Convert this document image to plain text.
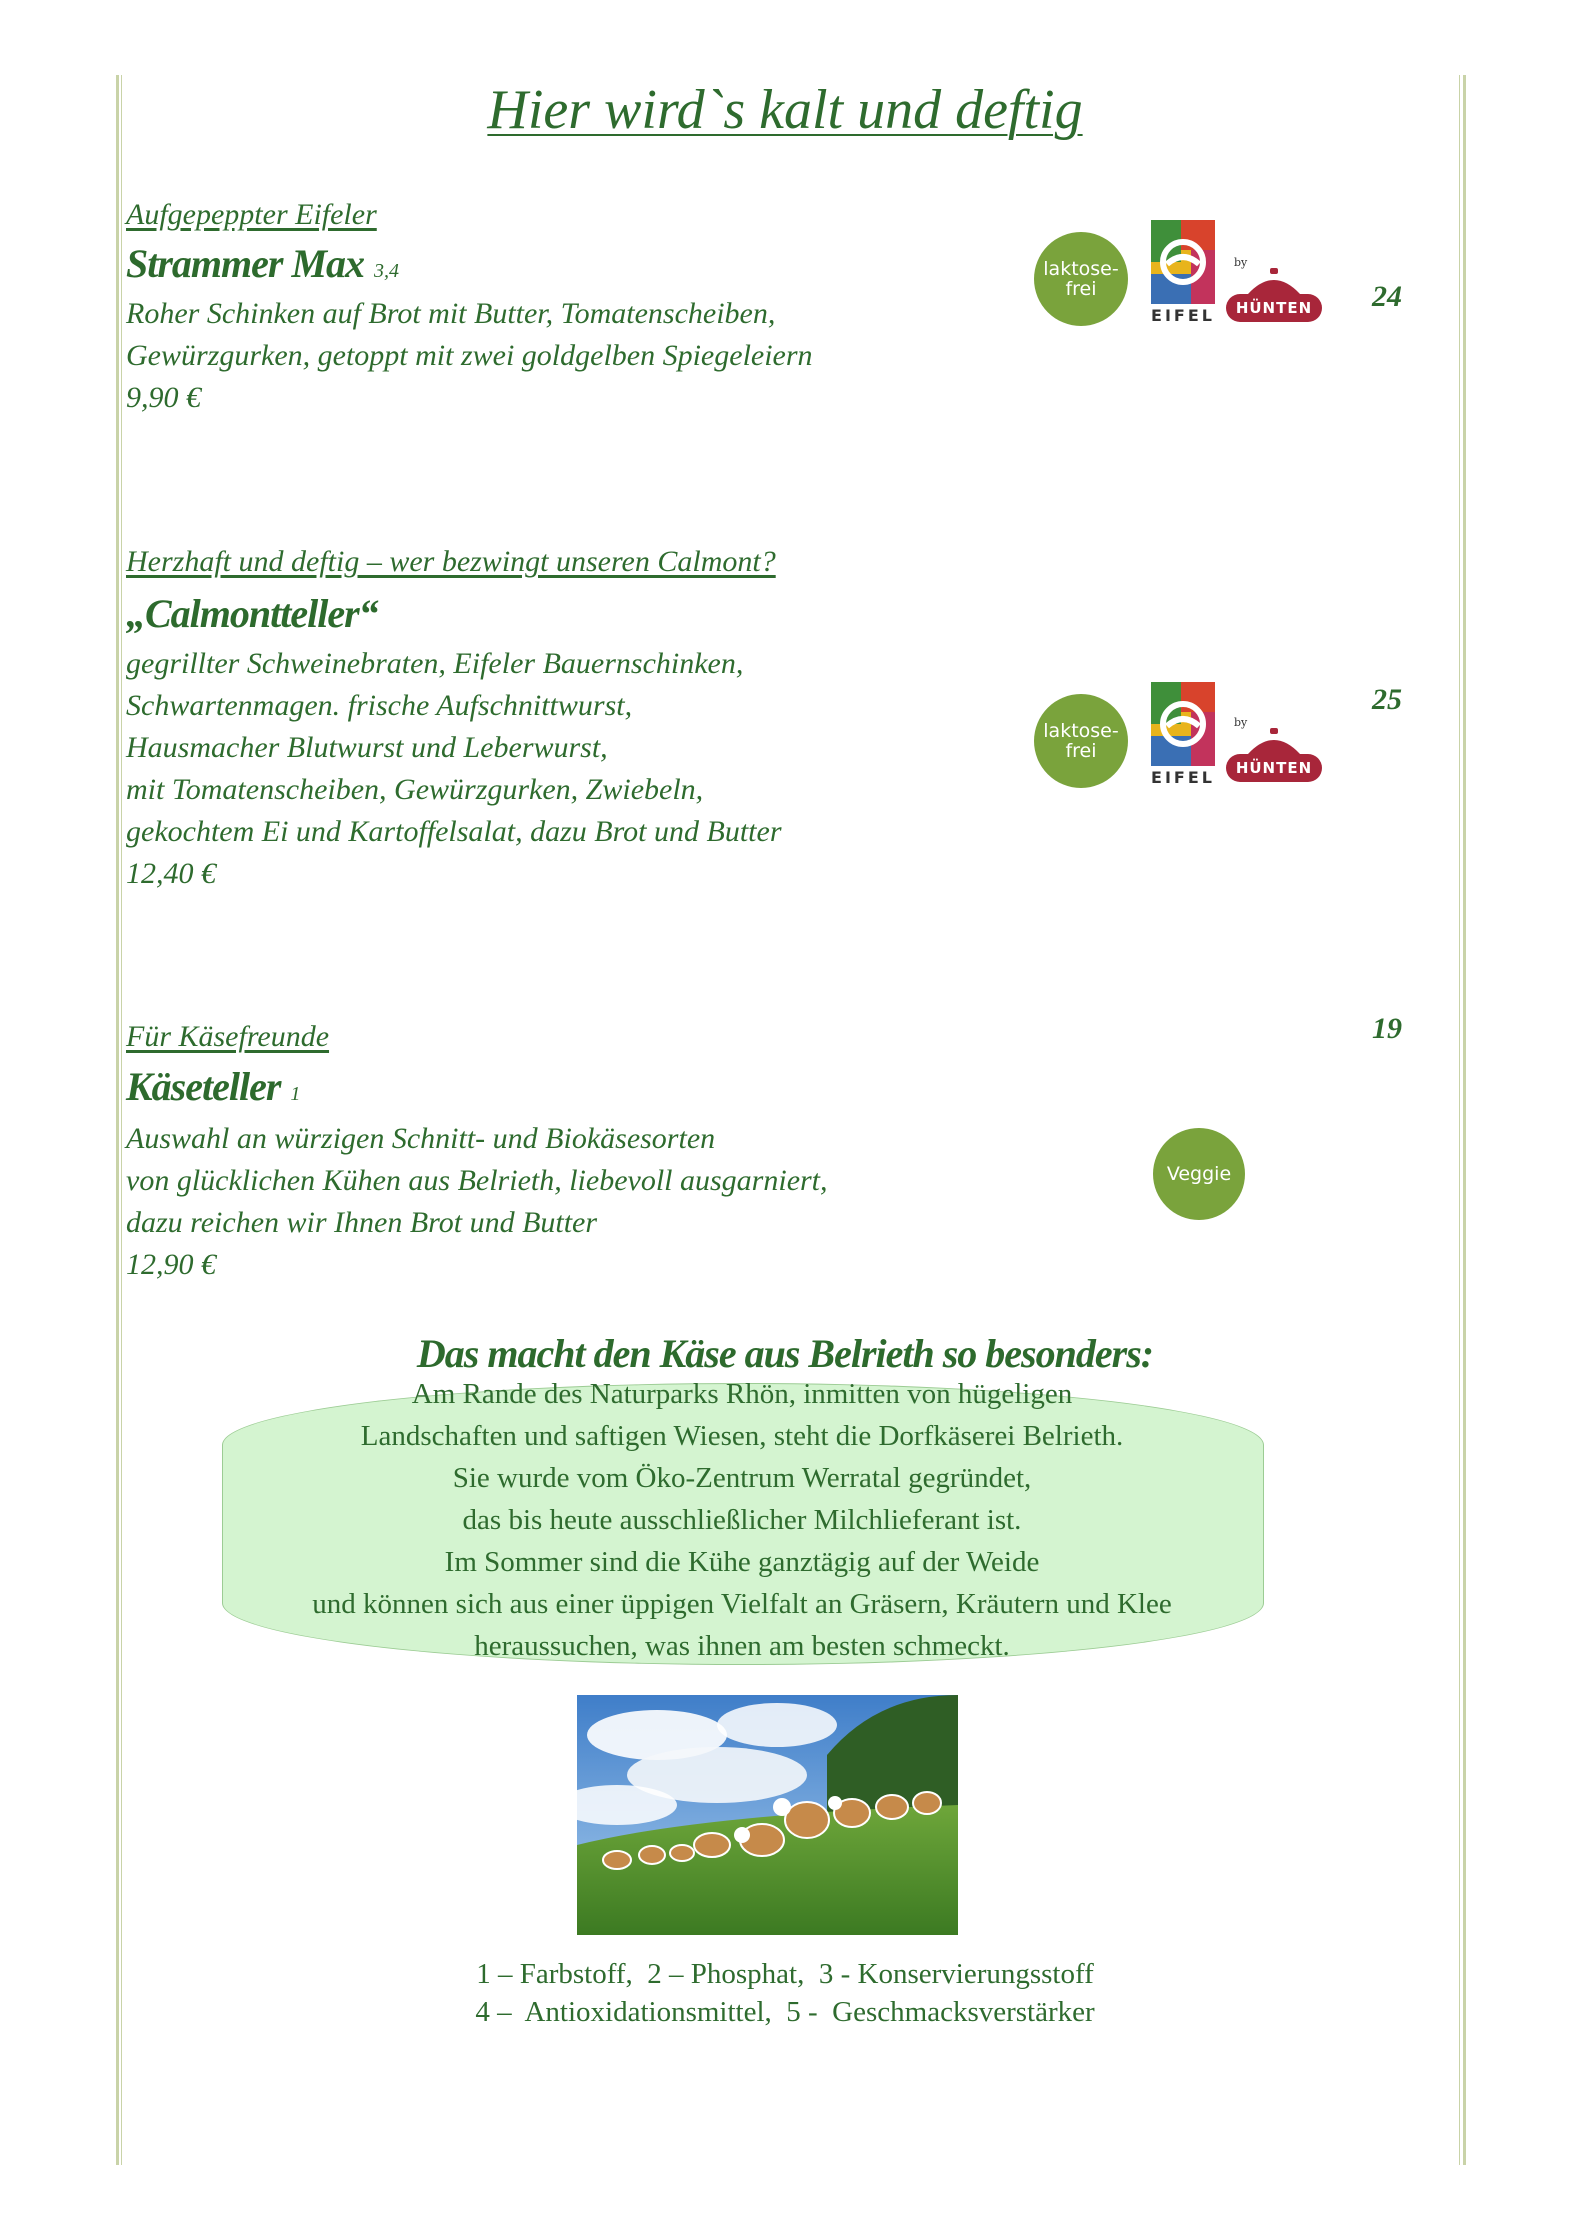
Hier wird`s kalt und deftig
Aufgepeppter Eifeler
Strammer Max 3,4
Roher Schinken auf Brot mit Butter, Tomatenscheiben,
Gewürzgurken, getoppt mit zwei goldgelben Spiegeleiern
9,90 €
24
laktose-
frei
EIFEL
by
HÜNTEN
Herzhaft und deftig – wer bezwingt unseren Calmont?
„Calmontteller“
gegrillter Schweinebraten, Eifeler Bauernschinken,
Schwartenmagen. frische Aufschnittwurst,
Hausmacher Blutwurst und Leberwurst,
mit Tomatenscheiben, Gewürzgurken, Zwiebeln,
gekochtem Ei und Kartoffelsalat, dazu Brot und Butter
12,40 €
25
laktose-
frei
EIFEL
by
HÜNTEN
Für Käsefreunde
Käseteller 1
Auswahl an würzigen Schnitt- und Biokäsesorten
von glücklichen Kühen aus Belrieth, liebevoll ausgarniert,
dazu reichen wir Ihnen Brot und Butter
12,90 €
19
Veggie
Das macht den Käse aus Belrieth so besonders:
Am Rande des Naturparks Rhön, inmitten von hügeligen
Landschaften und saftigen Wiesen, steht die Dorfkäserei Belrieth.
Sie wurde vom Öko-Zentrum Werratal gegründet,
das bis heute ausschließlicher Milchlieferant ist.
Im Sommer sind die Kühe ganztägig auf der Weide
und können sich aus einer üppigen Vielfalt an Gräsern, Kräutern und Klee
heraussuchen, was ihnen am besten schmeckt.
1 – Farbstoff,  2 – Phosphat,  3 - Konservierungsstoff
4 –  Antioxidationsmittel,  5 -  Geschmacksverstärker
